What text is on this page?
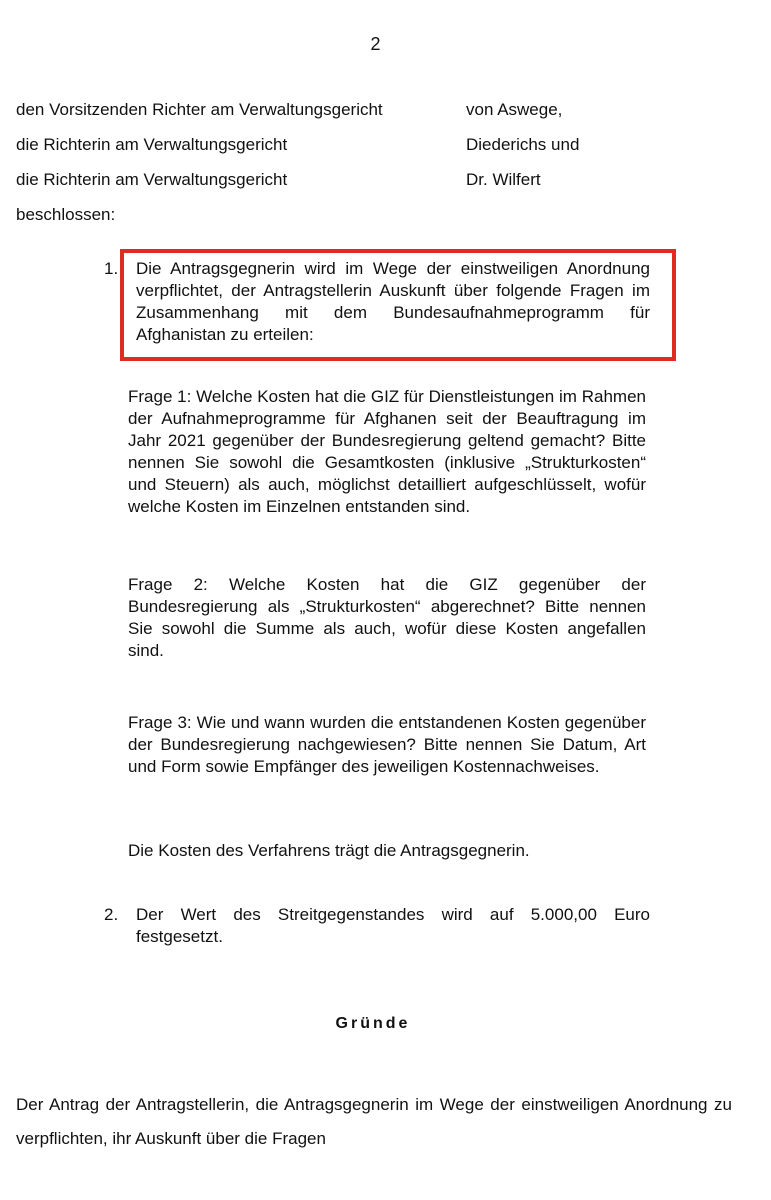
2
den Vorsitzenden Richter am Verwaltungsgericht	von Aswege,
die Richterin am Verwaltungsgericht	Diederichs und
die Richterin am Verwaltungsgericht	Dr. Wilfert
beschlossen:
1. Die Antragsgegnerin wird im Wege der einstweiligen Anordnung verpflichtet, der Antragstellerin Auskunft über folgende Fragen im Zusammenhang mit dem Bundesaufnahmeprogramm für Afghanistan zu erteilen:
Frage 1: Welche Kosten hat die GIZ für Dienstleistungen im Rahmen der Aufnahmeprogramme für Afghanen seit der Beauftragung im Jahr 2021 gegenüber der Bundesregierung geltend gemacht? Bitte nennen Sie sowohl die Gesamtkosten (inklusive „Strukturkosten“ und Steuern) als auch, möglichst detailliert aufgeschlüsselt, wofür welche Kosten im Einzelnen entstanden sind.
Frage 2: Welche Kosten hat die GIZ gegenüber der Bundesregierung als „Strukturkosten“ abgerechnet? Bitte nennen Sie sowohl die Summe als auch, wofür diese Kosten angefallen sind.
Frage 3: Wie und wann wurden die entstandenen Kosten gegenüber der Bundesregierung nachgewiesen? Bitte nennen Sie Datum, Art und Form sowie Empfänger des jeweiligen Kostennachweises.
Die Kosten des Verfahrens trägt die Antragsgegnerin.
2. Der Wert des Streitgegenstandes wird auf 5.000,00 Euro festgesetzt.
Gründe
Der Antrag der Antragstellerin, die Antragsgegnerin im Wege der einstweiligen Anordnung zu verpflichten, ihr Auskunft über die Fragen
